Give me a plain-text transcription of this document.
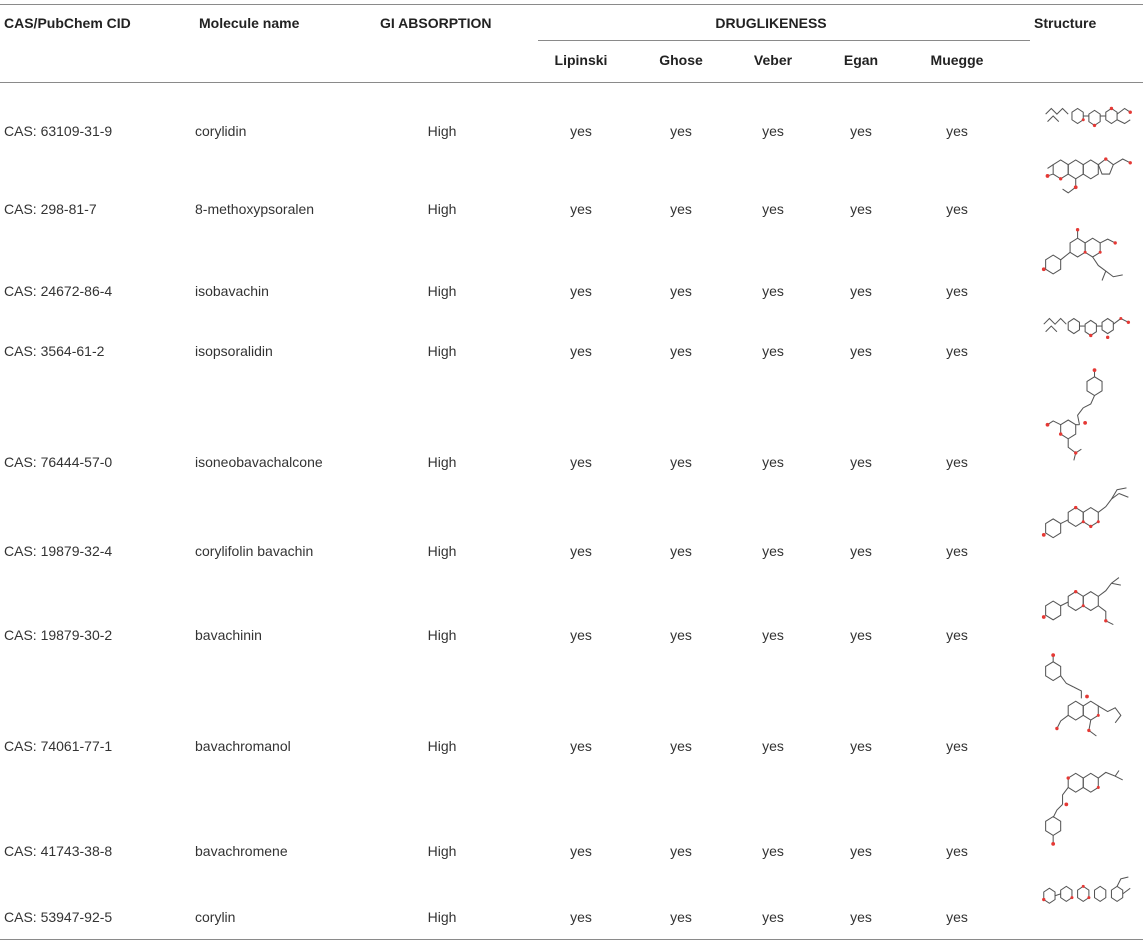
CAS/PubChem CID	Molecule name	GI ABSORPTION	DRUGLIKENESS
Lipinski	Ghose	Veber	Egan	Muegge
Structure
CAS: 63109-31-9	corylidin	High	yes	yes	yes	yes	yes
CAS: 298-81-7	8-methoxypsoralen	High	yes	yes	yes	yes	yes
CAS: 24672-86-4	isobavachin	High	yes	yes	yes	yes	yes
CAS: 3564-61-2	isopsoralidin	High	yes	yes	yes	yes	yes
CAS: 76444-57-0	isoneobavachalcone	High	yes	yes	yes	yes	yes
CAS: 19879-32-4	corylifolin bavachin	High	yes	yes	yes	yes	yes
CAS: 19879-30-2	bavachinin	High	yes	yes	yes	yes	yes
CAS: 74061-77-1	bavachromanol	High	yes	yes	yes	yes	yes
CAS: 41743-38-8	bavachromene	High	yes	yes	yes	yes	yes
CAS: 53947-92-5	corylin	High	yes	yes	yes	yes	yes
